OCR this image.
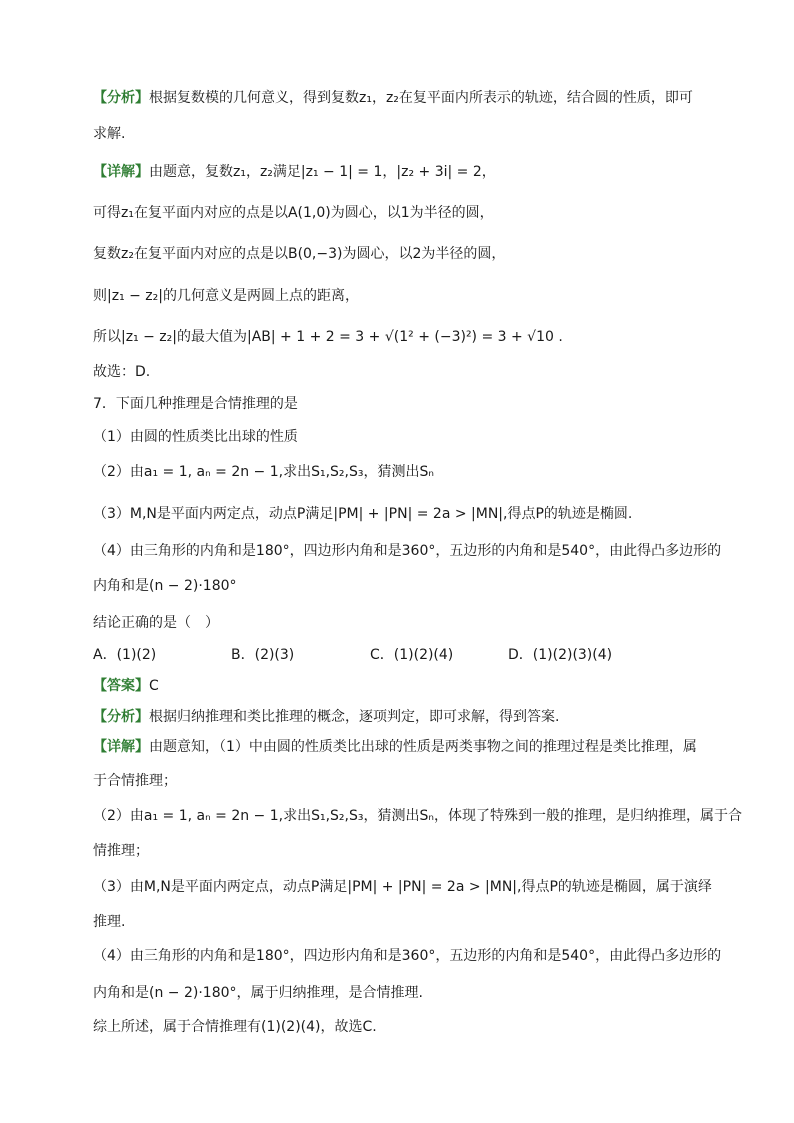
【分析】根据复数模的几何意义，得到复数z₁，z₂在复平面内所表示的轨迹，结合圆的性质，即可
求解.
【详解】由题意，复数z₁，z₂满足|z₁ − 1| = 1，|z₂ + 3i| = 2，
可得z₁在复平面内对应的点是以A(1,0)为圆心，以1为半径的圆，
复数z₂在复平面内对应的点是以B(0,−3)为圆心，以2为半径的圆，
则|z₁ − z₂|的几何意义是两圆上点的距离，
所以|z₁ − z₂|的最大值为|AB| + 1 + 2 = 3 + √(1² + (−3)²) = 3 + √10 .
故选：D.
7．下面几种推理是合情推理的是
（1）由圆的性质类比出球的性质
（2）由a₁ = 1, aₙ = 2n − 1,求出S₁,S₂,S₃，猜测出Sₙ
（3）M,N是平面内两定点，动点P满足|PM| + |PN| = 2a > |MN|,得点P的轨迹是椭圆.
（4）由三角形的内角和是180°，四边形内角和是360°，五边形的内角和是540°，由此得凸多边形的
内角和是(n − 2)·180°
结论正确的是（　）
A．(1)(2)	B．(2)(3)	C．(1)(2)(4)	D．(1)(2)(3)(4)
【答案】C
【分析】根据归纳推理和类比推理的概念，逐项判定，即可求解，得到答案.
【详解】由题意知，（1）中由圆的性质类比出球的性质是两类事物之间的推理过程是类比推理，属
于合情推理；
（2）由a₁ = 1, aₙ = 2n − 1,求出S₁,S₂,S₃，猜测出Sₙ，体现了特殊到一般的推理，是归纳推理，属于合
情推理；
（3）由M,N是平面内两定点，动点P满足|PM| + |PN| = 2a > |MN|,得点P的轨迹是椭圆，属于演绎
推理.
（4）由三角形的内角和是180°，四边形内角和是360°，五边形的内角和是540°，由此得凸多边形的
内角和是(n − 2)·180°，属于归纳推理，是合情推理.
综上所述，属于合情推理有(1)(2)(4)，故选C.
